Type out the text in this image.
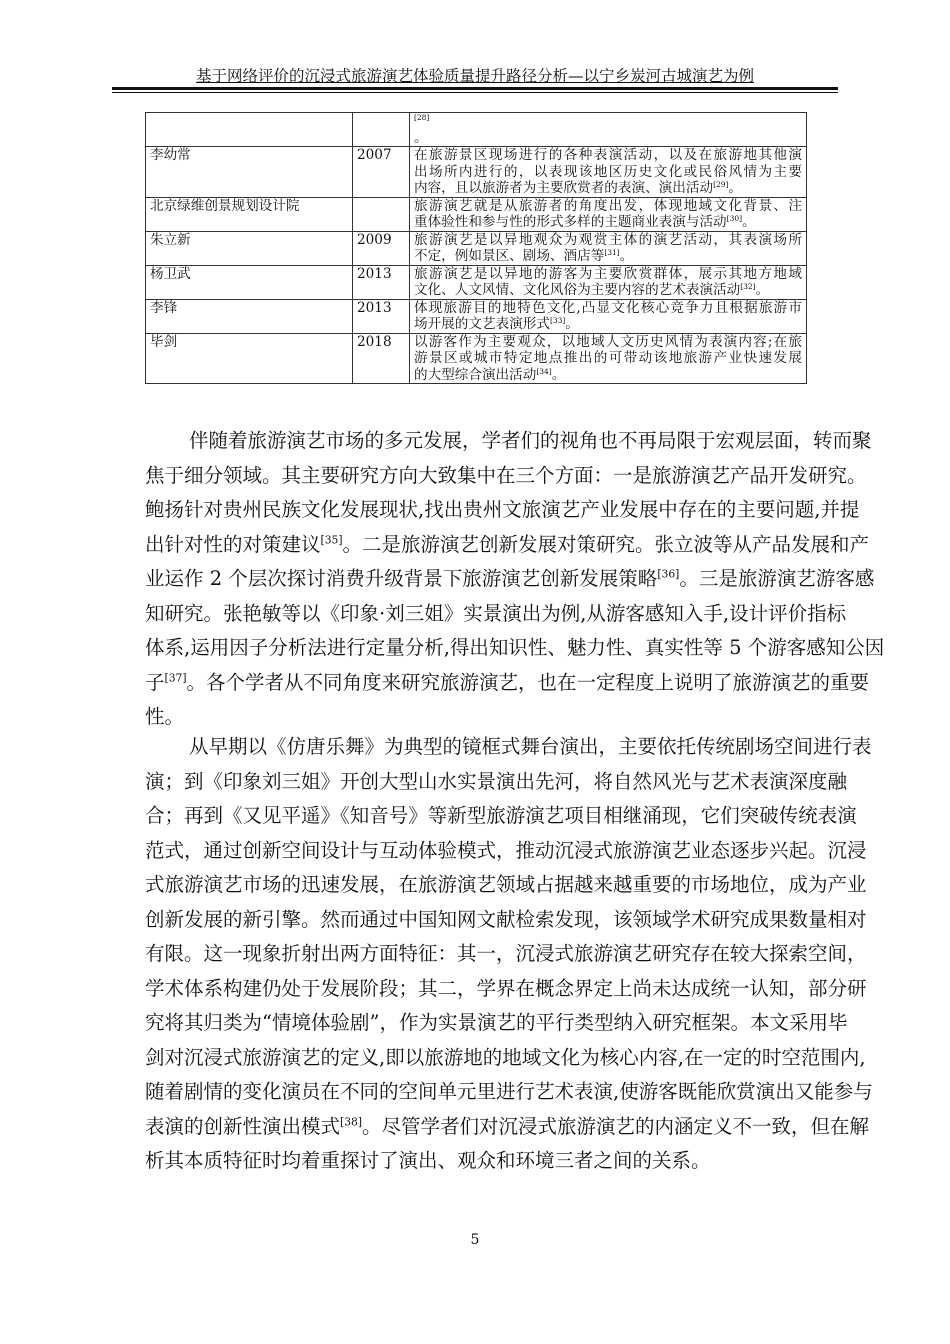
基于网络评价的沉浸式旅游演艺体验质量提升路径分析—以宁乡炭河古城演艺为例

		[28]
。

李幼常	2007	在旅游景区现场进行的各种表演活动，以及在旅游地其他演
出场所内进行的，以表现该地区历史文化或民俗风情为主要
内容，且以旅游者为主要欣赏者的表演、演出活动[29]。

北京绿维创景规划设计院		旅游演艺就是从旅游者的角度出发，体现地域文化背景、注
重体验性和参与性的形式多样的主题商业表演与活动[30]。

朱立新	2009	旅游演艺是以异地观众为观赏主体的演艺活动，其表演场所
不定，例如景区、剧场、酒店等[31]。

杨卫武	2013	旅游演艺是以异地的游客为主要欣赏群体，展示其地方地域
文化、人文风情、文化风俗为主要内容的艺术表演活动[32]。

李锋	2013	体现旅游目的地特色文化,凸显文化核心竞争力且根据旅游市
场开展的文艺表演形式[33]。

毕剑	2018	以游客作为主要观众，以地域人文历史风情为表演内容;在旅
游景区或城市特定地点推出的可带动该地旅游产业快速发展
的大型综合演出活动[34]。
伴随着旅游演艺市场的多元发展，学者们的视角也不再局限于宏观层面，转而聚
焦于细分领域。其主要研究方向大致集中在三个方面：一是旅游演艺产品开发研究。
鲍扬针对贵州民族文化发展现状,找出贵州文旅演艺产业发展中存在的主要问题,并提
出针对性的对策建议[35]。二是旅游演艺创新发展对策研究。张立波等从产品发展和产
业运作 2 个层次探讨消费升级背景下旅游演艺创新发展策略[36]。三是旅游演艺游客感
知研究。张艳敏等以《印象·刘三姐》实景演出为例,从游客感知入手,设计评价指标
体系,运用因子分析法进行定量分析,得出知识性、魅力性、真实性等 5 个游客感知公因
子[37]。各个学者从不同角度来研究旅游演艺，也在一定程度上说明了旅游演艺的重要
性。
从早期以《仿唐乐舞》为典型的镜框式舞台演出，主要依托传统剧场空间进行表
演；到《印象刘三姐》开创大型山水实景演出先河，将自然风光与艺术表演深度融
合；再到《又见平遥》《知音号》等新型旅游演艺项目相继涌现，它们突破传统表演
范式，通过创新空间设计与互动体验模式，推动沉浸式旅游演艺业态逐步兴起。沉浸
式旅游演艺市场的迅速发展，在旅游演艺领域占据越来越重要的市场地位，成为产业
创新发展的新引擎。然而通过中国知网文献检索发现，该领域学术研究成果数量相对
有限。这一现象折射出两方面特征：其一，沉浸式旅游演艺研究存在较大探索空间，
学术体系构建仍处于发展阶段；其二，学界在概念界定上尚未达成统一认知，部分研
究将其归类为“情境体验剧”，作为实景演艺的平行类型纳入研究框架。本文采用毕
剑对沉浸式旅游演艺的定义,即以旅游地的地域文化为核心内容,在一定的时空范围内,
随着剧情的变化演员在不同的空间单元里进行艺术表演,使游客既能欣赏演出又能参与
表演的创新性演出模式[38]。尽管学者们对沉浸式旅游演艺的内涵定义不一致，但在解
析其本质特征时均着重探讨了演出、观众和环境三者之间的关系。
5
